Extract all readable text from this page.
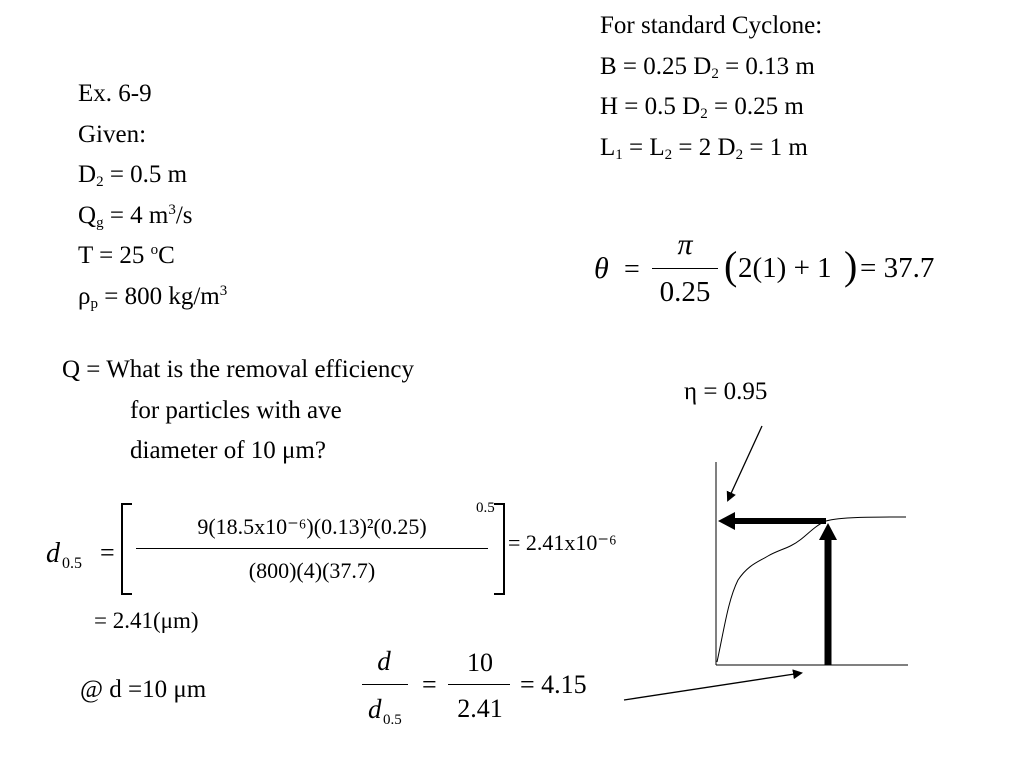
Ex. 6-9
Given:
$D_2 = 0.5$ m
$Q_g = 4$ $m^3/s$
T = 25 $^o$C
$\rho_p = 800$ $kg/m^3$
For standard Cyclone:
B = 0.25 $D_2 = 0.13$ m
H = 0.5 $D_2 = 0.25$ m
$L_1 = L_2 = 2$ $D_2 = 1$ m
θ =
π
0.25
( 2(1) + 1 ) = 37.7
Q = What is the removal efficiency
for particles with ave
diameter of 10 μm?
η = 0.95
d 0.5 =
9(18.5x10⁻⁶)(0.13)²(0.25)
(800)(4)(37.7)
0.5
= 2.41x10⁻⁶
= 2.41(μm)
@ d =10 μm
d
d 0.5
=
10
2.41
= 4.15
